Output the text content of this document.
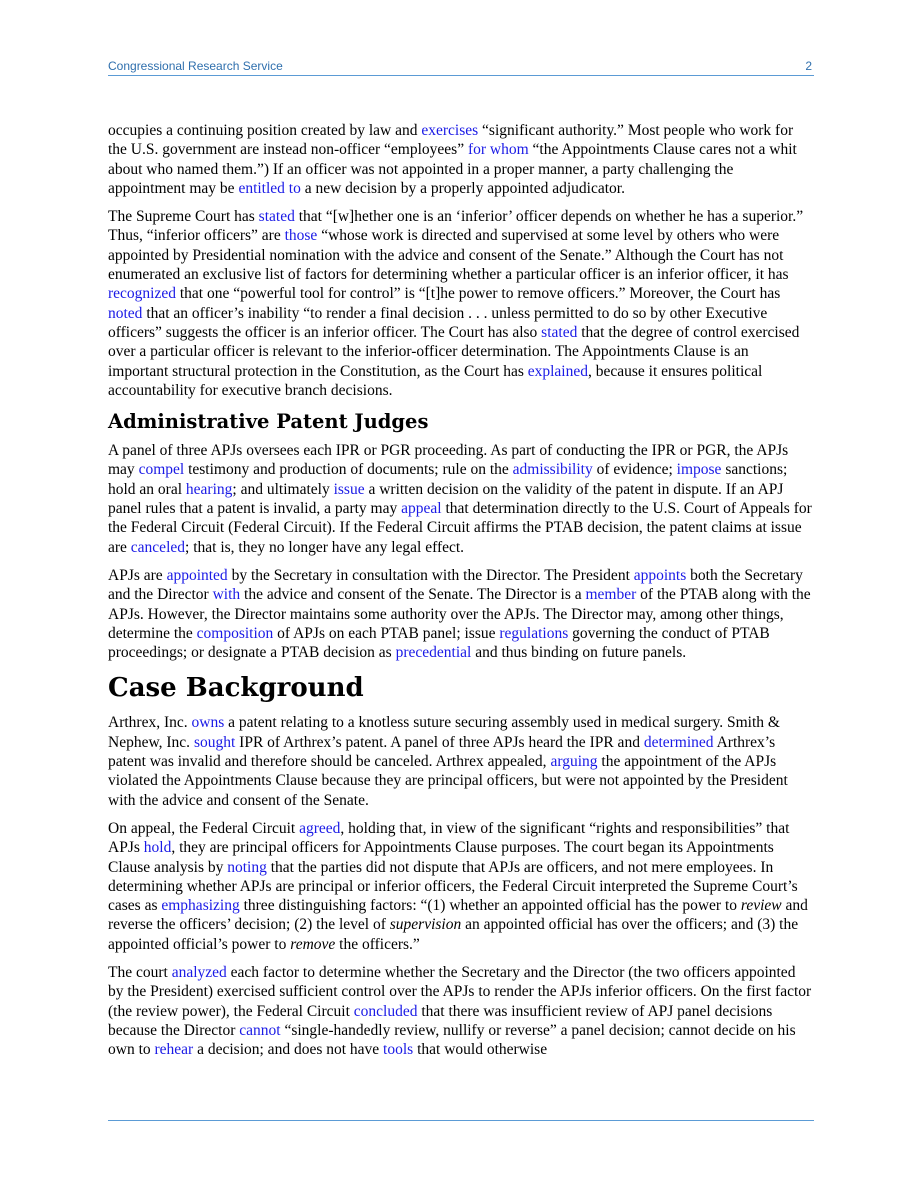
Congressional Research Service	2

occupies a continuing position created by law and exercises “significant authority.” Most people who work for the U.S. government are instead non-officer “employees” for whom “the Appointments Clause cares not a whit about who named them.”) If an officer was not appointed in a proper manner, a party challenging the appointment may be entitled to a new decision by a properly appointed adjudicator.

The Supreme Court has stated that “[w]hether one is an ‘inferior’ officer depends on whether he has a superior.” Thus, “inferior officers” are those “whose work is directed and supervised at some level by others who were appointed by Presidential nomination with the advice and consent of the Senate.” Although the Court has not enumerated an exclusive list of factors for determining whether a particular officer is an inferior officer, it has recognized that one “powerful tool for control” is “[t]he power to remove officers.” Moreover, the Court has noted that an officer’s inability “to render a final decision . . . unless permitted to do so by other Executive officers” suggests the officer is an inferior officer. The Court has also stated that the degree of control exercised over a particular officer is relevant to the inferior-officer determination. The Appointments Clause is an important structural protection in the Constitution, as the Court has explained, because it ensures political accountability for executive branch decisions.

Administrative Patent Judges

A panel of three APJs oversees each IPR or PGR proceeding. As part of conducting the IPR or PGR, the APJs may compel testimony and production of documents; rule on the admissibility of evidence; impose sanctions; hold an oral hearing; and ultimately issue a written decision on the validity of the patent in dispute. If an APJ panel rules that a patent is invalid, a party may appeal that determination directly to the U.S. Court of Appeals for the Federal Circuit (Federal Circuit). If the Federal Circuit affirms the PTAB decision, the patent claims at issue are canceled; that is, they no longer have any legal effect.

APJs are appointed by the Secretary in consultation with the Director. The President appoints both the Secretary and the Director with the advice and consent of the Senate. The Director is a member of the PTAB along with the APJs. However, the Director maintains some authority over the APJs. The Director may, among other things, determine the composition of APJs on each PTAB panel; issue regulations governing the conduct of PTAB proceedings; or designate a PTAB decision as precedential and thus binding on future panels.

Case Background

Arthrex, Inc. owns a patent relating to a knotless suture securing assembly used in medical surgery. Smith & Nephew, Inc. sought IPR of Arthrex’s patent. A panel of three APJs heard the IPR and determined Arthrex’s patent was invalid and therefore should be canceled. Arthrex appealed, arguing the appointment of the APJs violated the Appointments Clause because they are principal officers, but were not appointed by the President with the advice and consent of the Senate.

On appeal, the Federal Circuit agreed, holding that, in view of the significant “rights and responsibilities” that APJs hold, they are principal officers for Appointments Clause purposes. The court began its Appointments Clause analysis by noting that the parties did not dispute that APJs are officers, and not mere employees. In determining whether APJs are principal or inferior officers, the Federal Circuit interpreted the Supreme Court’s cases as emphasizing three distinguishing factors: “(1) whether an appointed official has the power to review and reverse the officers’ decision; (2) the level of supervision an appointed official has over the officers; and (3) the appointed official’s power to remove the officers.”

The court analyzed each factor to determine whether the Secretary and the Director (the two officers appointed by the President) exercised sufficient control over the APJs to render the APJs inferior officers. On the first factor (the review power), the Federal Circuit concluded that there was insufficient review of APJ panel decisions because the Director cannot “single-handedly review, nullify or reverse” a panel decision; cannot decide on his own to rehear a decision; and does not have tools that would otherwise
